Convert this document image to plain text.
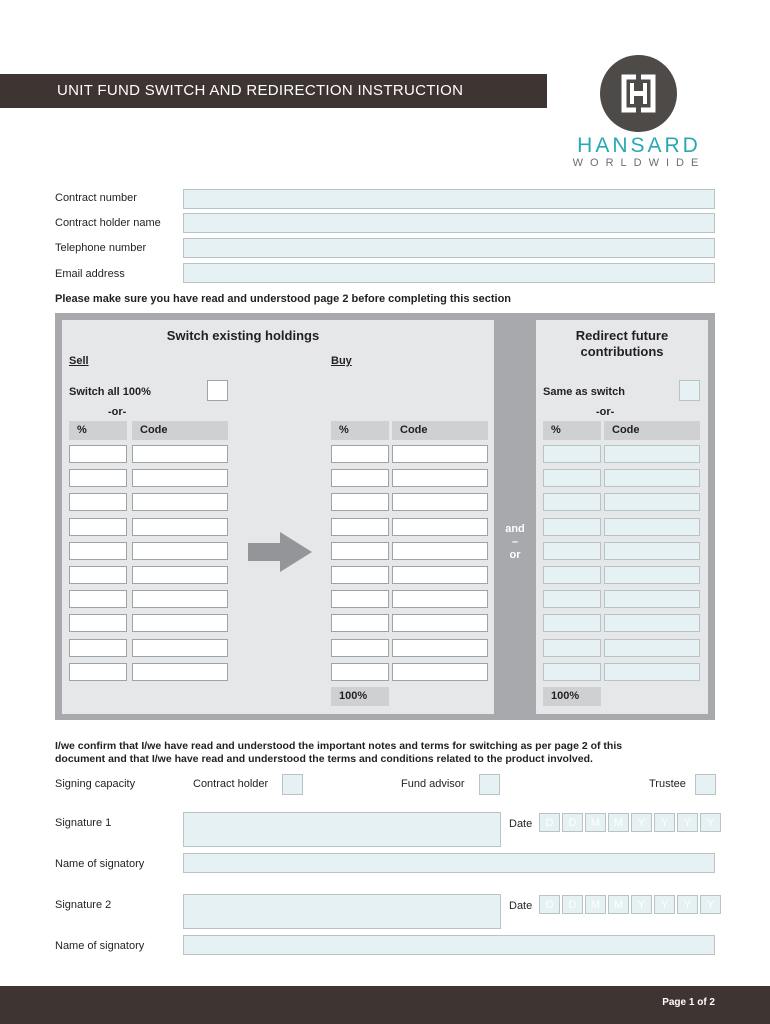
UNIT FUND SWITCH AND REDIRECTION INSTRUCTION
HANSARD
WORLDWIDE
Contract number
Contract holder name
Telephone number
Email address
Please make sure you have read and understood page 2 before completing this section
Switch existing holdings
Sell	Buy
Switch all 100%
-or-
Redirect future
contributions
Same as switch
-or-
%	Code	%	Code	%	Code
and
–
or
100%	100%
I/we confirm that I/we have read and understood the important notes and terms for switching as per page 2 of this
document and that I/we have read and understood the terms and conditions related to the product involved.
Signing capacity	Contract holder	Fund advisor	Trustee
Signature 1	Date	D	D	M	M	Y	Y	Y	Y
Name of signatory
Signature 2	Date	D	D	M	M	Y	Y	Y	Y
Name of signatory
Page 1 of 2
